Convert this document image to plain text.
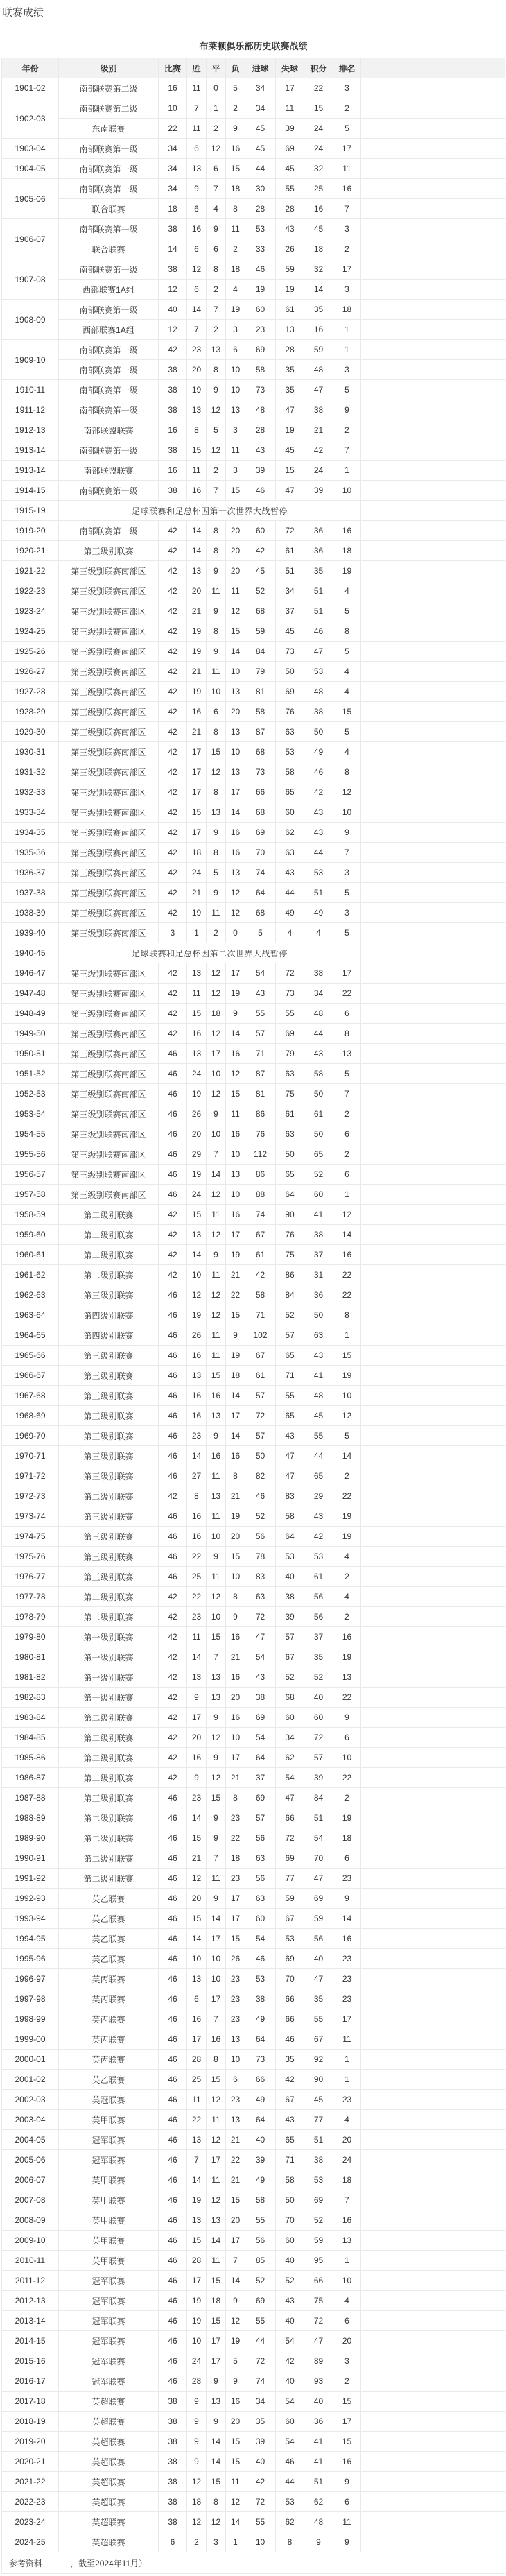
联赛成绩
布莱顿俱乐部历史联赛战绩
年份	级别	比赛	胜	平	负	进球	失球	积分	排名	
1901-02	南部联赛第二级	16	11	0	5	34	17	22	3	
1902-03	南部联赛第二级	10	7	1	2	34	11	15	2	
	东南联赛	22	11	2	9	45	39	24	5	
1903-04	南部联赛第一级	34	6	12	16	45	69	24	17	
1904-05	南部联赛第一级	34	13	6	15	44	45	32	11	
1905-06	南部联赛第一级	34	9	7	18	30	55	25	16	
	联合联赛	18	6	4	8	28	28	16	7	
1906-07	南部联赛第一级	38	16	9	11	53	43	45	3	
	联合联赛	14	6	6	2	33	26	18	2	
1907-08	南部联赛第一级	38	12	8	18	46	59	32	17	
	西部联赛1A组	12	6	2	4	19	19	14	3	
1908-09	南部联赛第一级	40	14	7	19	60	61	35	18	
	西部联赛1A组	12	7	2	3	23	13	16	1	
1909-10	南部联赛第一级	42	23	13	6	69	28	59	1	
	南部联赛第一级	38	20	8	10	58	35	48	3	
1910-11	南部联赛第一级	38	19	9	10	73	35	47	5	
1911-12	南部联赛第一级	38	13	12	13	48	47	38	9	
1912-13	南部联盟联赛	16	8	5	3	28	19	21	2	
1913-14	南部联赛第一级	38	15	12	11	43	45	42	7	
1913-14	南部联盟联赛	16	11	2	3	39	15	24	1	
1914-15	南部联赛第一级	38	16	7	15	46	47	39	10	
1915-19	足球联赛和足总杯因第一次世界大战暂停									
1919-20	南部联赛第一级	42	14	8	20	60	72	36	16	
1920-21	第三级别联赛	42	14	8	20	42	61	36	18	
1921-22	第三级别联赛南部区	42	13	9	20	45	51	35	19	
1922-23	第三级别联赛南部区	42	20	11	11	52	34	51	4	
1923-24	第三级别联赛南部区	42	21	9	12	68	37	51	5	
1924-25	第三级别联赛南部区	42	19	8	15	59	45	46	8	
1925-26	第三级别联赛南部区	42	19	9	14	84	73	47	5	
1926-27	第三级别联赛南部区	42	21	11	10	79	50	53	4	
1927-28	第三级别联赛南部区	42	19	10	13	81	69	48	4	
1928-29	第三级别联赛南部区	42	16	6	20	58	76	38	15	
1929-30	第三级别联赛南部区	42	21	8	13	87	63	50	5	
1930-31	第三级别联赛南部区	42	17	15	10	68	53	49	4	
1931-32	第三级别联赛南部区	42	17	12	13	73	58	46	8	
1932-33	第三级别联赛南部区	42	17	8	17	66	65	42	12	
1933-34	第三级别联赛南部区	42	15	13	14	68	60	43	10	
1934-35	第三级别联赛南部区	42	17	9	16	69	62	43	9	
1935-36	第三级别联赛南部区	42	18	8	16	70	63	44	7	
1936-37	第三级别联赛南部区	42	24	5	13	74	43	53	3	
1937-38	第三级别联赛南部区	42	21	9	12	64	44	51	5	
1938-39	第三级别联赛南部区	42	19	11	12	68	49	49	3	
1939-40	第三级别联赛南部区	3	1	2	0	5	4	4	5	
1940-45	足球联赛和足总杯因第二次世界大战暂停									
1946-47	第三级别联赛南部区	42	13	12	17	54	72	38	17	
1947-48	第三级别联赛南部区	42	11	12	19	43	73	34	22	
1948-49	第三级别联赛南部区	42	15	18	9	55	55	48	6	
1949-50	第三级别联赛南部区	42	16	12	14	57	69	44	8	
1950-51	第三级别联赛南部区	46	13	17	16	71	79	43	13	
1951-52	第三级别联赛南部区	46	24	10	12	87	63	58	5	
1952-53	第三级别联赛南部区	46	19	12	15	81	75	50	7	
1953-54	第三级别联赛南部区	46	26	9	11	86	61	61	2	
1954-55	第三级别联赛南部区	46	20	10	16	76	63	50	6	
1955-56	第三级别联赛南部区	46	29	7	10	112	50	65	2	
1956-57	第三级别联赛南部区	46	19	14	13	86	65	52	6	
1957-58	第三级别联赛南部区	46	24	12	10	88	64	60	1	
1958-59	第二级别联赛	42	15	11	16	74	90	41	12	
1959-60	第二级别联赛	42	13	12	17	67	76	38	14	
1960-61	第二级别联赛	42	14	9	19	61	75	37	16	
1961-62	第二级别联赛	42	10	11	21	42	86	31	22	
1962-63	第三级别联赛	46	12	12	22	58	84	36	22	
1963-64	第四级别联赛	46	19	12	15	71	52	50	8	
1964-65	第四级别联赛	46	26	11	9	102	57	63	1	
1965-66	第三级别联赛	46	16	11	19	67	65	43	15	
1966-67	第三级别联赛	46	13	15	18	61	71	41	19	
1967-68	第三级别联赛	46	16	16	14	57	55	48	10	
1968-69	第三级别联赛	46	16	13	17	72	65	45	12	
1969-70	第三级别联赛	46	23	9	14	57	43	55	5	
1970-71	第三级别联赛	46	14	16	16	50	47	44	14	
1971-72	第三级别联赛	46	27	11	8	82	47	65	2	
1972-73	第二级别联赛	42	8	13	21	46	83	29	22	
1973-74	第三级别联赛	46	16	11	19	52	58	43	19	
1974-75	第三级别联赛	46	16	10	20	56	64	42	19	
1975-76	第三级别联赛	46	22	9	15	78	53	53	4	
1976-77	第三级别联赛	46	25	11	10	83	40	61	2	
1977-78	第二级别联赛	42	22	12	8	63	38	56	4	
1978-79	第二级别联赛	42	23	10	9	72	39	56	2	
1979-80	第一级别联赛	42	11	15	16	47	57	37	16	
1980-81	第一级别联赛	42	14	7	21	54	67	35	19	
1981-82	第一级别联赛	42	13	13	16	43	52	52	13	
1982-83	第一级别联赛	42	9	13	20	38	68	40	22	
1983-84	第二级别联赛	42	17	9	16	69	60	60	9	
1984-85	第二级别联赛	42	20	12	10	54	34	72	6	
1985-86	第二级别联赛	42	16	9	17	64	62	57	10	
1986-87	第二级别联赛	42	9	12	21	37	54	39	22	
1987-88	第三级别联赛	46	23	15	8	69	47	84	2	
1988-89	第二级别联赛	46	14	9	23	57	66	51	19	
1989-90	第二级别联赛	46	15	9	22	56	72	54	18	
1990-91	第二级别联赛	46	21	7	18	63	69	70	6	
1991-92	第二级别联赛	46	12	11	23	56	77	47	23	
1992-93	英乙联赛	46	20	9	17	63	59	69	9	
1993-94	英乙联赛	46	15	14	17	60	67	59	14	
1994-95	英乙联赛	46	14	17	15	54	53	56	16	
1995-96	英乙联赛	46	10	10	26	46	69	40	23	
1996-97	英丙联赛	46	13	10	23	53	70	47	23	
1997-98	英丙联赛	46	6	17	23	38	66	35	23	
1998-99	英丙联赛	46	16	7	23	49	66	55	17	
1999-00	英丙联赛	46	17	16	13	64	46	67	11	
2000-01	英丙联赛	46	28	8	10	73	35	92	1	
2001-02	英乙联赛	46	25	15	6	66	42	90	1	
2002-03	英冠联赛	46	11	12	23	49	67	45	23	
2003-04	英甲联赛	46	22	11	13	64	43	77	4	
2004-05	冠军联赛	46	13	12	21	40	65	51	20	
2005-06	冠军联赛	46	7	17	22	39	71	38	24	
2006-07	英甲联赛	46	14	11	21	49	58	53	18	
2007-08	英甲联赛	46	19	12	15	58	50	69	7	
2008-09	英甲联赛	46	13	13	20	55	70	52	16	
2009-10	英甲联赛	46	15	14	17	56	60	59	13	
2010-11	英甲联赛	46	28	11	7	85	40	95	1	
2011-12	冠军联赛	46	17	15	14	52	52	66	10	
2012-13	冠军联赛	46	19	18	9	69	43	75	4	
2013-14	冠军联赛	46	19	15	12	55	40	72	6	
2014-15	冠军联赛	46	10	17	19	44	54	47	20	
2015-16	冠军联赛	46	24	17	5	72	42	89	3	
2016-17	冠军联赛	46	28	9	9	74	40	93	2	
2017-18	英超联赛	38	9	13	16	34	54	40	15	
2018-19	英超联赛	38	9	9	20	35	60	36	17	
2019-20	英超联赛	38	9	14	15	39	54	41	15	
2020-21	英超联赛	38	9	14	15	40	46	41	16	
2021-22	英超联赛	38	12	15	11	42	44	51	9	
2022-23	英超联赛	38	18	8	12	72	53	62	6	
2023-24	英超联赛	38	12	12	14	55	62	48	11	
2024-25	英超联赛	6	2	3	1	10	8	9	9	
参考资料 ，截至2024年11月）										
